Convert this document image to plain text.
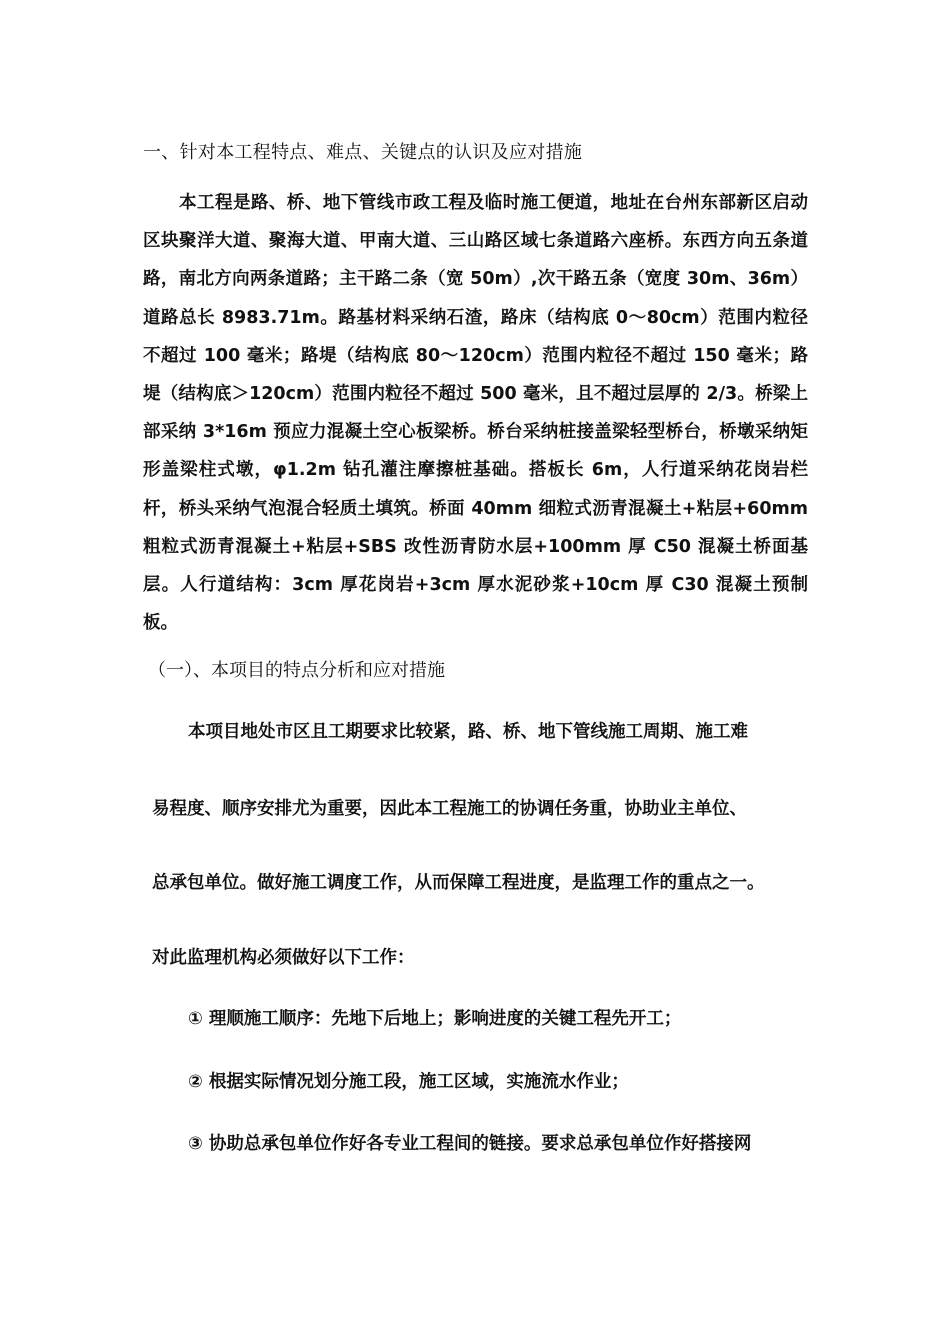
一、针对本工程特点、难点、关键点的认识及应对措施

本工程是路、桥、地下管线市政工程及临时施工便道，地址在台州东部新区启动区块聚洋大道、聚海大道、甲南大道、三山路区域七条道路六座桥。东西方向五条道路，南北方向两条道路；主干路二条（宽 50m）,次干路五条（宽度 30m、36m）道路总长 8983.71m。路基材料采纳石渣，路床（结构底 0～80cm）范围内粒径不超过 100 毫米；路堤（结构底 80～120cm）范围内粒径不超过 150 毫米；路堤（结构底＞120cm）范围内粒径不超过 500 毫米，且不超过层厚的 2/3。桥梁上部采纳 3*16m 预应力混凝土空心板梁桥。桥台采纳桩接盖梁轻型桥台，桥墩采纳矩形盖梁柱式墩，φ1.2m 钻孔灌注摩擦桩基础。搭板长 6m，人行道采纳花岗岩栏杆，桥头采纳气泡混合轻质土填筑。桥面 40mm 细粒式沥青混凝土+粘层+60mm 粗粒式沥青混凝土+粘层+SBS 改性沥青防水层+100mm 厚 C50 混凝土桥面基层。人行道结构：3cm 厚花岗岩+3cm 厚水泥砂浆+10cm 厚 C30 混凝土预制板。

（一）、本项目的特点分析和应对措施
本项目地处市区且工期要求比较紧，路、桥、地下管线施工周期、施工难
易程度、顺序安排尤为重要，因此本工程施工的协调任务重，协助业主单位、
总承包单位。做好施工调度工作，从而保障工程进度，是监理工作的重点之一。
对此监理机构必须做好以下工作：
① 理顺施工顺序：先地下后地上；影响进度的关键工程先开工；
② 根据实际情况划分施工段，施工区域，实施流水作业；
③ 协助总承包单位作好各专业工程间的链接。要求总承包单位作好搭接网
